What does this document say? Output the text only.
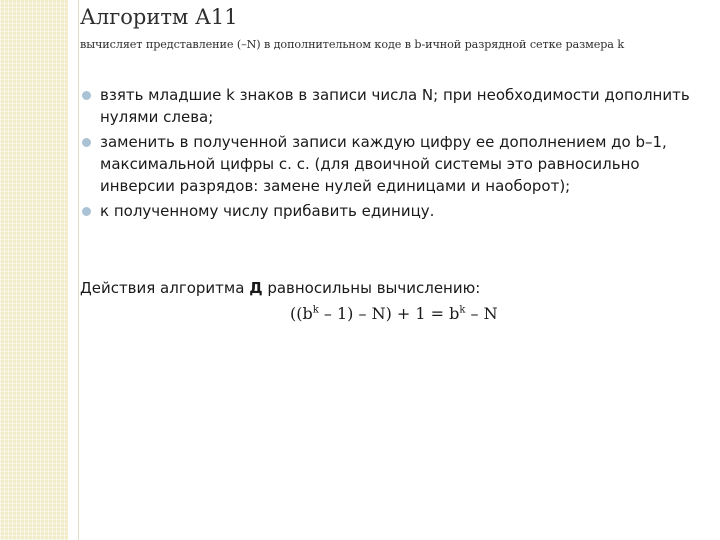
Алгоритм А11
вычисляет представление (–N) в дополнительном коде в b-ичной разрядной сетке размера k
взять младшие k знаков в записи числа N; при необходимости дополнить нулями слева;
заменить в полученной записи каждую цифру ее дополнением до b–1, максимальной цифры с. с. (для двоичной системы это равносильно инверсии разрядов: замене нулей единицами и наоборот);
к полученному числу прибавить единицу.
Действия алгоритма Д равносильны вычислению:
$((b^k - 1) - N) + 1 = b^k - N$
